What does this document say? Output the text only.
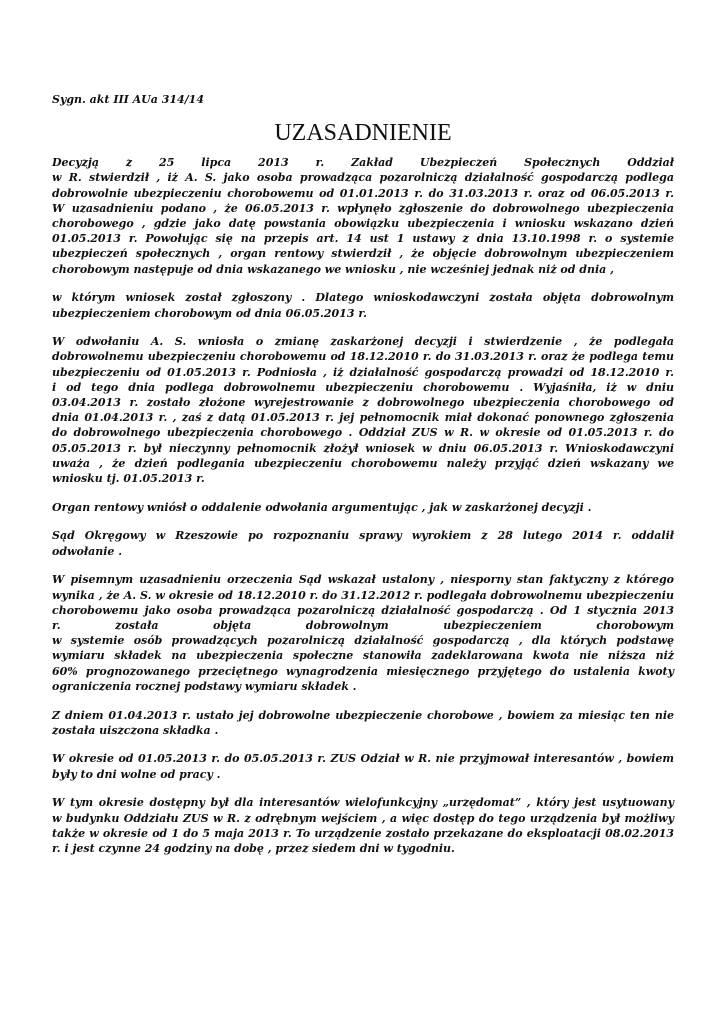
Sygn. akt III AUa 314/14
UZASADNIENIE
Decyzją z 25 lipca 2013 r. Zakład Ubezpieczeń Społecznych Oddział
w R. stwierdził , iż A. S. jako osoba prowadząca pozarolniczą działalność gospodarczą podlega
dobrowolnie ubezpieczeniu chorobowemu od 01.01.2013 r. do 31.03.2013 r. oraz od 06.05.2013 r.
W uzasadnieniu podano , że 06.05.2013 r. wpłynęło zgłoszenie do dobrowolnego ubezpieczenia
chorobowego , gdzie jako datę powstania obowiązku ubezpieczenia i wniosku wskazano dzień
01.05.2013 r. Powołując się na przepis art. 14 ust 1 ustawy z dnia 13.10.1998 r. o systemie
ubezpieczeń społecznych , organ rentowy stwierdził , że objęcie dobrowolnym ubezpieczeniem
chorobowym następuje od dnia wskazanego we wniosku , nie wcześniej jednak niż od dnia ,
w którym wniosek został zgłoszony . Dlatego wnioskodawczyni została objęta dobrowolnym
ubezpieczeniem chorobowym od dnia 06.05.2013 r.
W odwołaniu A. S. wniosła o zmianę zaskarżonej decyzji i stwierdzenie , że podlegała
dobrowolnemu ubezpieczeniu chorobowemu od 18.12.2010 r. do 31.03.2013 r. oraz że podlega temu
ubezpieczeniu od 01.05.2013 r. Podniosła , iż działalność gospodarczą prowadzi od 18.12.2010 r.
i od tego dnia podlega dobrowolnemu ubezpieczeniu chorobowemu . Wyjaśniła, iż w dniu
03.04.2013 r. zostało złożone wyrejestrowanie z dobrowolnego ubezpieczenia chorobowego od
dnia 01.04.2013 r. , zaś z datą 01.05.2013 r. jej pełnomocnik miał dokonać ponownego zgłoszenia
do dobrowolnego ubezpieczenia chorobowego . Oddział ZUS w R. w okresie od 01.05.2013 r. do
05.05.2013 r. był nieczynny pełnomocnik złożył wniosek w dniu 06.05.2013 r. Wnioskodawczyni
uważa , że dzień podlegania ubezpieczeniu chorobowemu należy przyjąć dzień wskazany we
wniosku tj. 01.05.2013 r.
Organ rentowy wniósł o oddalenie odwołania argumentując , jak w zaskarżonej decyzji .
Sąd Okręgowy w Rzeszowie po rozpoznaniu sprawy wyrokiem z 28 lutego 2014 r. oddalił
odwołanie .
W pisemnym uzasadnieniu orzeczenia Sąd wskazał ustalony , niesporny stan faktyczny z którego
wynika , że A. S. w okresie od 18.12.2010 r. do 31.12.2012 r. podlegała dobrowolnemu ubezpieczeniu
chorobowemu jako osoba prowadząca pozarolniczą działalność gospodarczą . Od 1 stycznia 2013
r. została objęta dobrowolnym ubezpieczeniem chorobowym
w systemie osób prowadzących pozarolniczą działalność gospodarczą , dla których podstawę
wymiaru składek na ubezpieczenia społeczne stanowiła zadeklarowana kwota nie niższa niż
60% prognozowanego przeciętnego wynagrodzenia miesięcznego przyjętego do ustalenia kwoty
ograniczenia rocznej podstawy wymiaru składek .
Z dniem 01.04.2013 r. ustało jej dobrowolne ubezpieczenie chorobowe , bowiem za miesiąc ten nie
została uiszczona składka .
W okresie od 01.05.2013 r. do 05.05.2013 r. ZUS Odział w R. nie przyjmował interesantów , bowiem
były to dni wolne od pracy .
W tym okresie dostępny był dla interesantów wielofunkcyjny „urzędomat” , który jest usytuowany
w budynku Oddziału ZUS w R. z odrębnym wejściem , a więc dostęp do tego urządzenia był możliwy
także w okresie od 1 do 5 maja 2013 r. To urządzenie zostało przekazane do eksploatacji 08.02.2013
r. i jest czynne 24 godziny na dobę , przez siedem dni w tygodniu.
